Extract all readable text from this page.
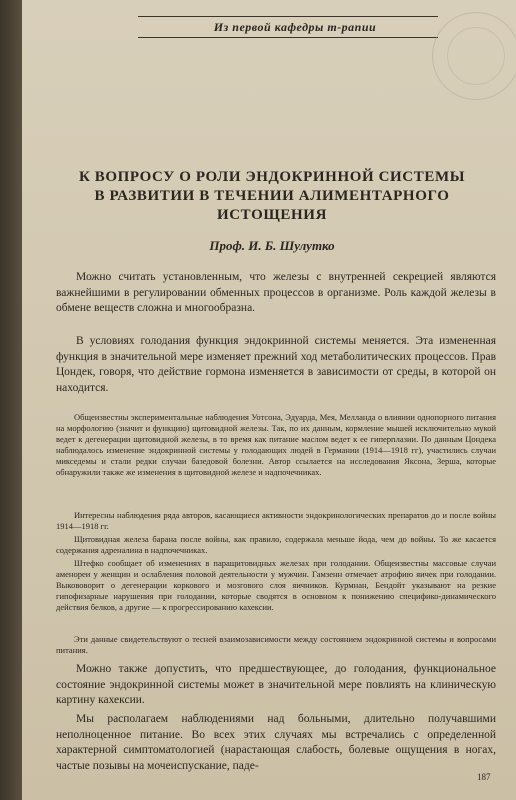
Из первой кафедры т-рапии
К ВОПРОСУ О РОЛИ ЭНДОКРИННОЙ СИСТЕМЫ
В РАЗВИТИИ В ТЕЧЕНИИ АЛИМЕНТАРНОГО
ИСТОЩЕНИЯ
Проф. И. Б. Шулутко
Можно считать установленным, что железы с внутренней секрецией являются важнейшими в регулировании обменных процессов в организме. Роль каждой железы в обмене веществ сложна и многообразна.
В условиях голодания функция эндокринной системы меняется. Эта измененная функция в значительной мере изменяет прежний ход метаболитических процессов. Прав Цондек, говоря, что действие гормона изменяется в зависимости от среды, в которой он находится.
Общеизвестны экспериментальные наблюдения Уотсона, Эдуарда, Мея, Мелланда о влиянии однопорного питания на морфологию (значит и функцию) щитовидной железы. Так, по их данным, кормление мышей исключительно мукой ведет к дегенерации щитовидной железы, в то время как питание маслом ведет к ее гиперплазии. По данным Цондека наблюдалось изменение эндокринной системы у голодающих людей в Германии (1914—1918 гг), участились случаи микседемы и стали редки случаи базедовой болезни. Автор ссылается на исследования Яксона, Зерша, которые обнаружили также же изменения в щитовидной железе и надпочечниках.
Интересны наблюдения ряда авторов, касающиеся активности эндокринологических препаратов до и после войны 1914—1918 гг.
Щитовидная железа барана после войны, как правило, содержала меньше йода, чем до войны. То же касается содержания адреналина в надпочечниках.
Штефко сообщает об изменениях в паращитовидных железах при голодании. Общеизвестны массовые случаи аменореи у женщин и ослабления половой деятельности у мужчин. Гамзенн отмечает атрофию яичек при голодании. Выкововорит о дегенерации коркового и мозгового слоя яичников. Курмнан, Бендойт указывают на резкие гипофизарные нарушения при голодании, которые сводятся в основном к понижению специфико-динамического действия белков, а другие — к прогрессированию кахексии.
Эти данные свидетельствуют о тесней взаимозависимости между состоянием эндокринной системы и вопросами питания.
Можно также допустить, что предшествующее, до голодания, функциональное состояние эндокринной системы может в значительной мере повлиять на клиническую картину кахексии.
Мы располагаем наблюдениями над больными, длительно получавшими неполноценное питание. Во всех этих случаях мы встречались с определенной характерной симптоматологией (нарастающая слабость, болевые ощущения в ногах, частые позывы на мочеиспускание, паде-
187
